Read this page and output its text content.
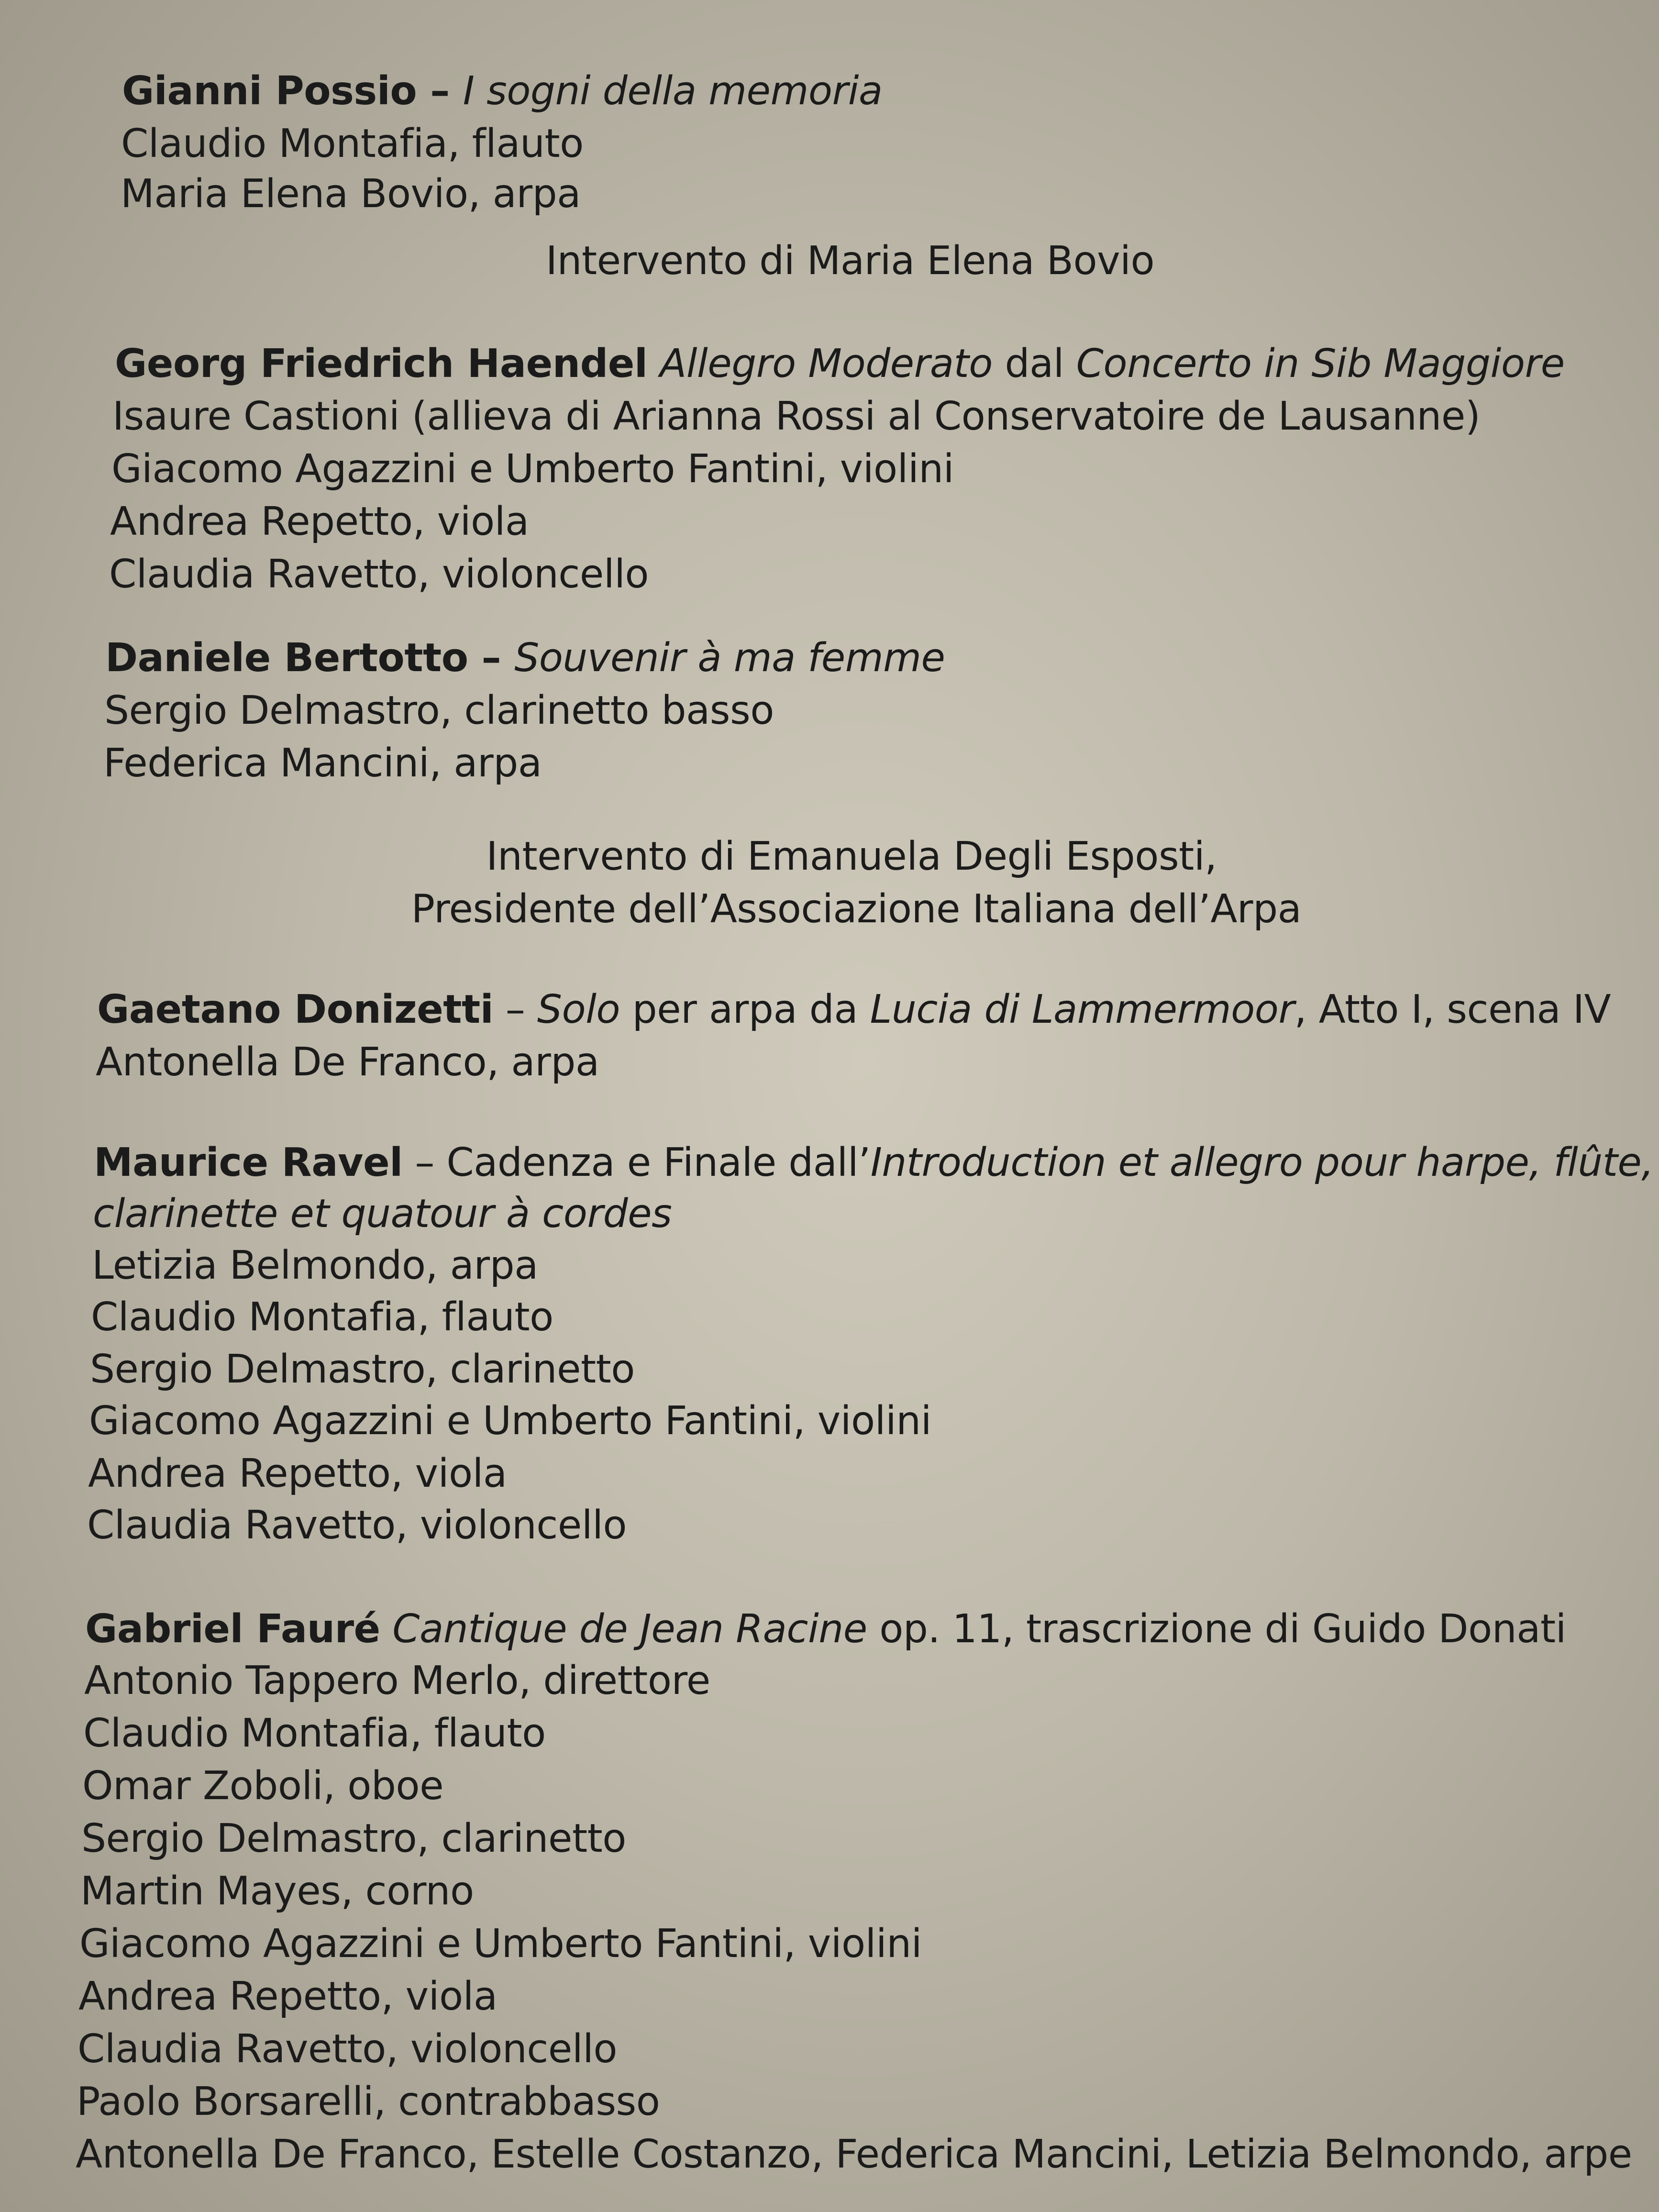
Gianni Possio – I sogni della memoria
Claudio Montafia, flauto
Maria Elena Bovio, arpa
Intervento di Maria Elena Bovio
Georg Friedrich Haendel Allegro Moderato dal Concerto in Sib Maggiore
Isaure Castioni (allieva di Arianna Rossi al Conservatoire de Lausanne)
Giacomo Agazzini e Umberto Fantini, violini
Andrea Repetto, viola
Claudia Ravetto, violoncello
Daniele Bertotto – Souvenir à ma femme
Sergio Delmastro, clarinetto basso
Federica Mancini, arpa
Intervento di Emanuela Degli Esposti,
Presidente dell’Associazione Italiana dell’Arpa
Gaetano Donizetti – Solo per arpa da Lucia di Lammermoor, Atto I, scena IV
Antonella De Franco, arpa
Maurice Ravel – Cadenza e Finale dall’Introduction et allegro pour harpe, flûte,
clarinette et quatour à cordes
Letizia Belmondo, arpa
Claudio Montafia, flauto
Sergio Delmastro, clarinetto
Giacomo Agazzini e Umberto Fantini, violini
Andrea Repetto, viola
Claudia Ravetto, violoncello
Gabriel Fauré Cantique de Jean Racine op. 11, trascrizione di Guido Donati
Antonio Tappero Merlo, direttore
Claudio Montafia, flauto
Omar Zoboli, oboe
Sergio Delmastro, clarinetto
Martin Mayes, corno
Giacomo Agazzini e Umberto Fantini, violini
Andrea Repetto, viola
Claudia Ravetto, violoncello
Paolo Borsarelli, contrabbasso
Antonella De Franco, Estelle Costanzo, Federica Mancini, Letizia Belmondo, arpe
